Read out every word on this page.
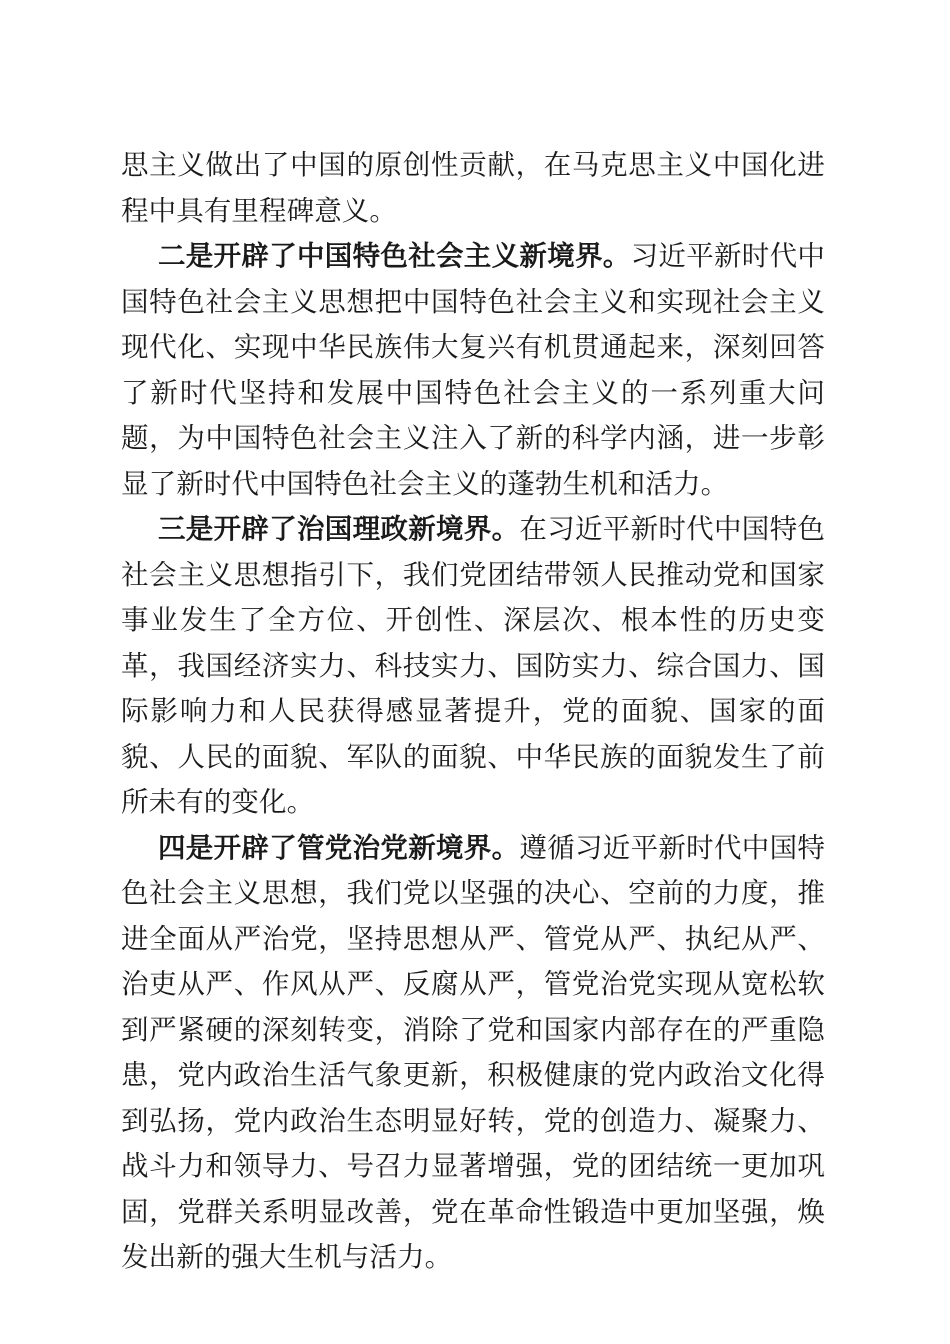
思主义做出了中国的原创性贡献，在马克思主义中国化进程中具有里程碑意义。

二是开辟了中国特色社会主义新境界。习近平新时代中国特色社会主义思想把中国特色社会主义和实现社会主义现代化、实现中华民族伟大复兴有机贯通起来，深刻回答了新时代坚持和发展中国特色社会主义的一系列重大问题，为中国特色社会主义注入了新的科学内涵，进一步彰显了新时代中国特色社会主义的蓬勃生机和活力。

三是开辟了治国理政新境界。在习近平新时代中国特色社会主义思想指引下，我们党团结带领人民推动党和国家事业发生了全方位、开创性、深层次、根本性的历史变革，我国经济实力、科技实力、国防实力、综合国力、国际影响力和人民获得感显著提升，党的面貌、国家的面貌、人民的面貌、军队的面貌、中华民族的面貌发生了前所未有的变化。

四是开辟了管党治党新境界。遵循习近平新时代中国特色社会主义思想，我们党以坚强的决心、空前的力度，推进全面从严治党，坚持思想从严、管党从严、执纪从严、治吏从严、作风从严、反腐从严，管党治党实现从宽松软到严紧硬的深刻转变，消除了党和国家内部存在的严重隐患，党内政治生活气象更新，积极健康的党内政治文化得到弘扬，党内政治生态明显好转，党的创造力、凝聚力、战斗力和领导力、号召力显著增强，党的团结统一更加巩固，党群关系明显改善，党在革命性锻造中更加坚强，焕发出新的强大生机与活力。
